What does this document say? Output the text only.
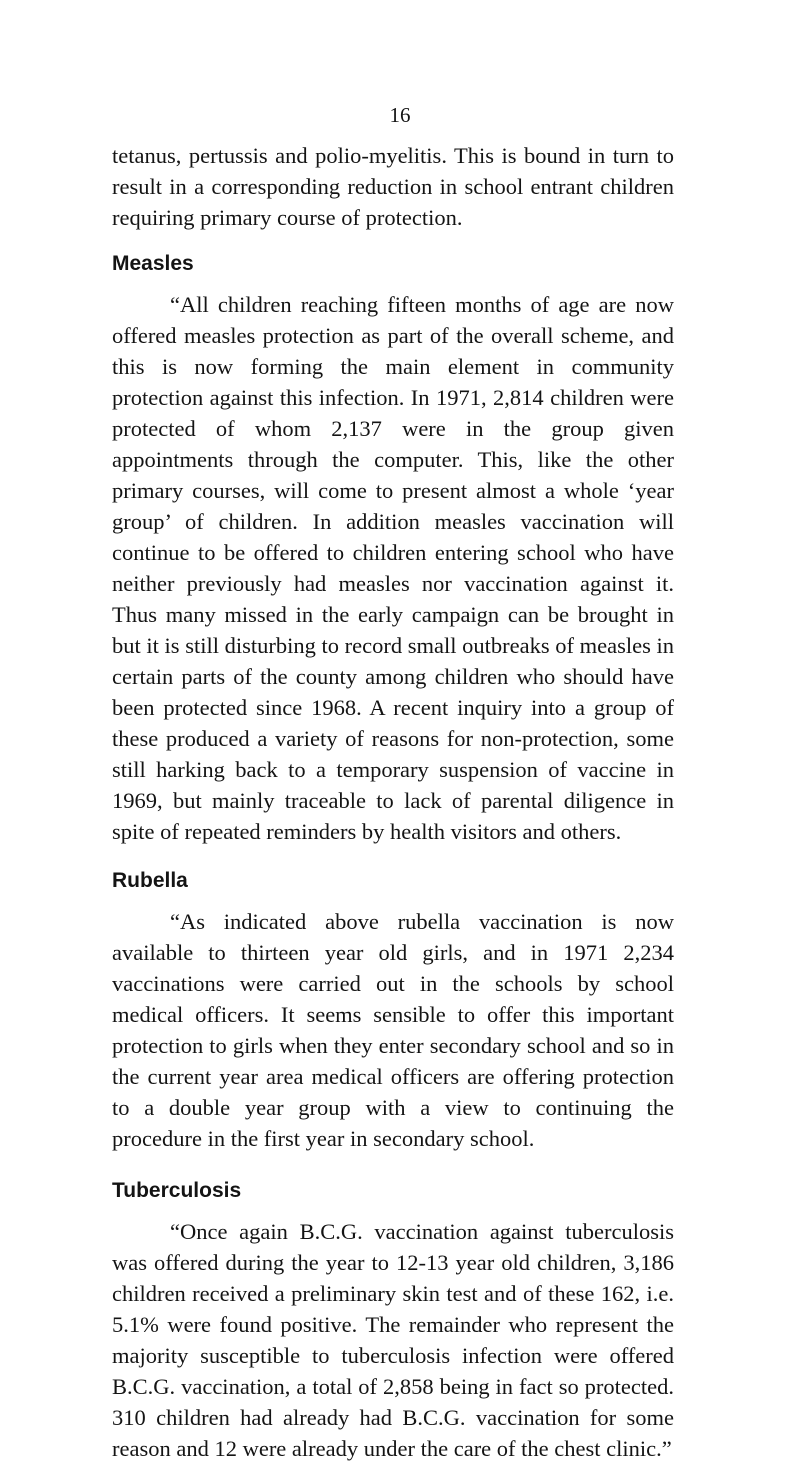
16

tetanus, pertussis and polio-myelitis. This is bound in turn to result in a corresponding reduction in school entrant children requiring primary course of protection.

Measles

“All children reaching fifteen months of age are now offered measles protection as part of the overall scheme, and this is now forming the main element in community protection against this infection. In 1971, 2,814 children were protected of whom 2,137 were in the group given appointments through the computer. This, like the other primary courses, will come to present almost a whole ‘year group’ of children. In addition measles vaccination will continue to be offered to children entering school who have neither previously had measles nor vaccination against it. Thus many missed in the early campaign can be brought in but it is still disturbing to record small outbreaks of measles in certain parts of the county among children who should have been protected since 1968. A recent inquiry into a group of these produced a variety of reasons for non-protection, some still harking back to a temporary suspension of vaccine in 1969, but mainly traceable to lack of parental diligence in spite of repeated reminders by health visitors and others.

Rubella

“As indicated above rubella vaccination is now available to thirteen year old girls, and in 1971 2,234 vaccinations were carried out in the schools by school medical officers. It seems sensible to offer this important protection to girls when they enter secondary school and so in the current year area medical officers are offering protection to a double year group with a view to continuing the procedure in the first year in secondary school.

Tuberculosis

“Once again B.C.G. vaccination against tuberculosis was offered during the year to 12-13 year old children, 3,186 children received a preliminary skin test and of these 162, i.e. 5.1% were found positive. The remainder who represent the majority susceptible to tuberculosis infection were offered B.C.G. vaccination, a total of 2,858 being in fact so protected. 310 children had already had B.C.G. vaccination for some reason and 12 were already under the care of the chest clinic.”
